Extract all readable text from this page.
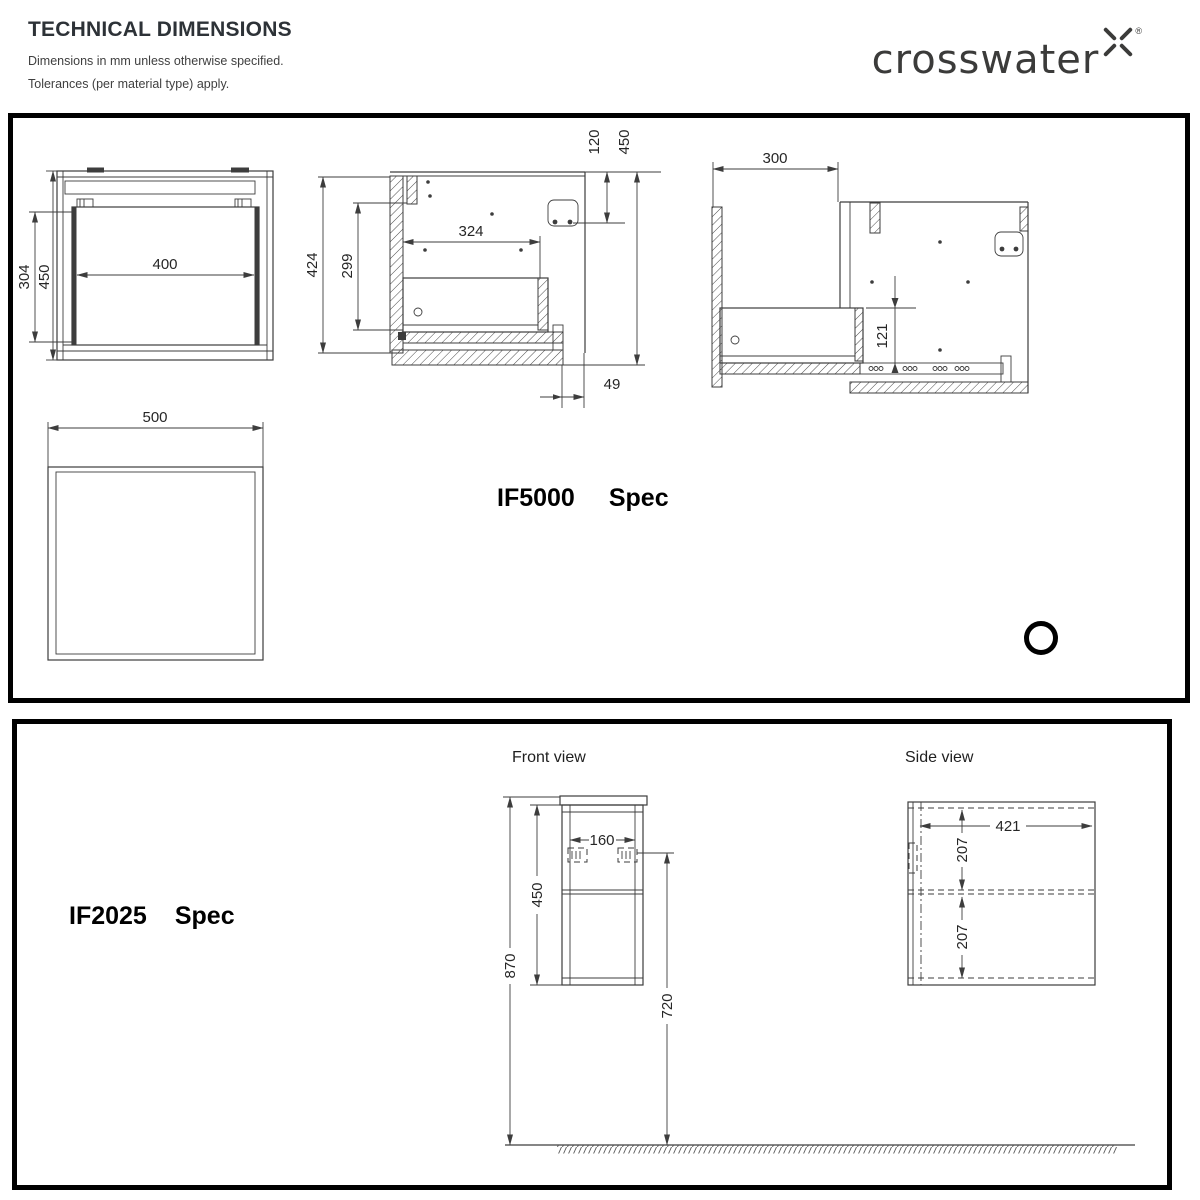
TECHNICAL DIMENSIONS
Dimensions in mm unless otherwise specified.
Tolerances (per material type) apply.
crosswater
®
400
304 450
500
424 299
324
120 450
49
300
121
IF5000 Spec
Front view	Side view
160
450
870
720
421
207
207
IF2025 Spec
